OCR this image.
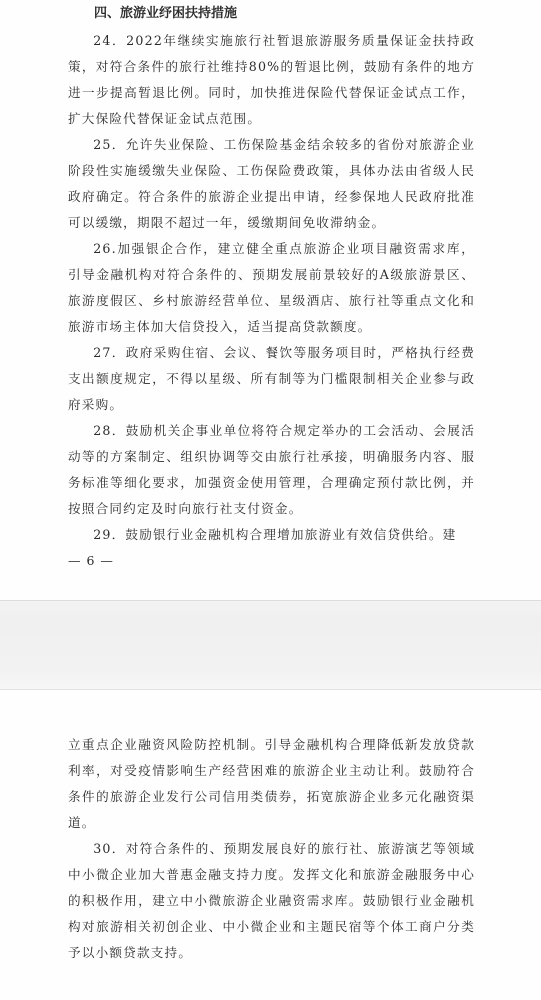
四、旅游业纾困扶持措施

24．2022年继续实施旅行社暂退旅游服务质量保证金扶持政策，对符合条件的旅行社维持80%的暂退比例，鼓励有条件的地方进一步提高暂退比例。同时，加快推进保险代替保证金试点工作，扩大保险代替保证金试点范围。

25．允许失业保险、工伤保险基金结余较多的省份对旅游企业阶段性实施缓缴失业保险、工伤保险费政策，具体办法由省级人民政府确定。符合条件的旅游企业提出申请，经参保地人民政府批准可以缓缴，期限不超过一年，缓缴期间免收滞纳金。

26.加强银企合作，建立健全重点旅游企业项目融资需求库，引导金融机构对符合条件的、预期发展前景较好的A级旅游景区、旅游度假区、乡村旅游经营单位、星级酒店、旅行社等重点文化和旅游市场主体加大信贷投入，适当提高贷款额度。

27．政府采购住宿、会议、餐饮等服务项目时，严格执行经费支出额度规定，不得以星级、所有制等为门槛限制相关企业参与政府采购。

28．鼓励机关企事业单位将符合规定举办的工会活动、会展活动等的方案制定、组织协调等交由旅行社承接，明确服务内容、服务标准等细化要求，加强资金使用管理，合理确定预付款比例，并按照合同约定及时向旅行社支付资金。

29．鼓励银行业金融机构合理增加旅游业有效信贷供给。建

— 6 —

立重点企业融资风险防控机制。引导金融机构合理降低新发放贷款利率，对受疫情影响生产经营困难的旅游企业主动让利。鼓励符合条件的旅游企业发行公司信用类债券，拓宽旅游企业多元化融资渠道。

30．对符合条件的、预期发展良好的旅行社、旅游演艺等领域中小微企业加大普惠金融支持力度。发挥文化和旅游金融服务中心的积极作用，建立中小微旅游企业融资需求库。鼓励银行业金融机构对旅游相关初创企业、中小微企业和主题民宿等个体工商户分类予以小额贷款支持。
